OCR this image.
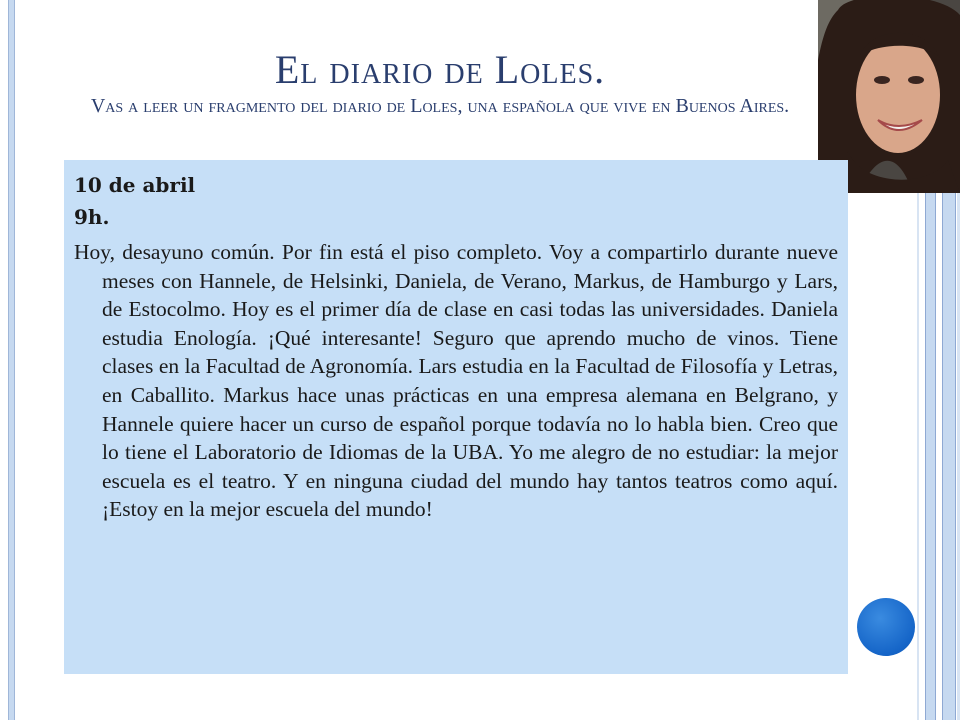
El diario de Loles.
Vas a leer un fragmento del diario de Loles, una española que vive en Buenos Aires.
10 de abril
9h.
Hoy, desayuno común. Por fin está el piso completo. Voy a compartirlo durante nueve meses con Hannele, de Helsinki, Daniela, de Verano, Markus, de Hamburgo y Lars, de Estocolmo. Hoy es el primer día de clase en casi todas las universidades. Daniela estudia Enología. ¡Qué interesante! Seguro que aprendo mucho de vinos. Tiene clases en la Facultad de Agronomía. Lars estudia en la Facultad de Filosofía y Letras, en Caballito. Markus hace unas prácticas en una empresa alemana en Belgrano, y Hannele quiere hacer un curso de español porque todavía no lo habla bien. Creo que lo tiene el Laboratorio de Idiomas de la UBA. Yo me alegro de no estudiar: la mejor escuela es el teatro. Y en ninguna ciudad del mundo hay tantos teatros como aquí. ¡Estoy en la mejor escuela del mundo!
